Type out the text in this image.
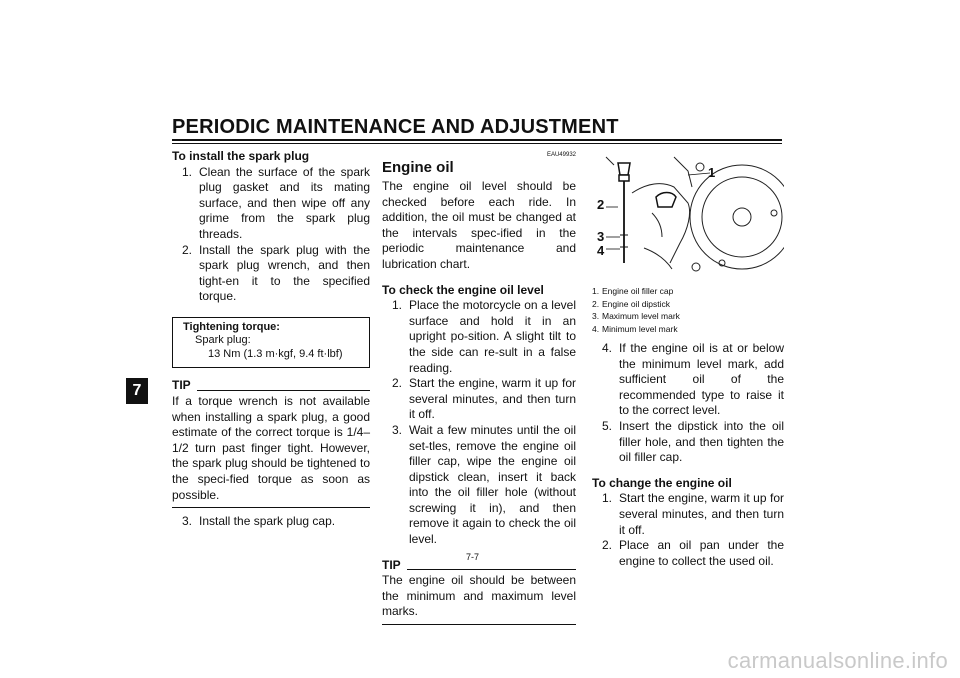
PERIODIC MAINTENANCE AND ADJUSTMENT
7

To install the spark plug

1. Clean the surface of the spark plug gasket and its mating surface, and then wipe off any grime from the spark plug threads.
2. Install the spark plug with the spark plug wrench, and then tight-en it to the specified torque.
Tightening torque:
Spark plug:
13 Nm (1.3 m·kgf, 9.4 ft·lbf)
TIP

If a torque wrench is not available when installing a spark plug, a good estimate of the correct torque is 1/4–1/2 turn past finger tight. However, the spark plug should be tightened to the speci-fied torque as soon as possible.

3. Install the spark plug cap.
EAU49932

Engine oil

The engine oil level should be checked before each ride. In addition, the oil must be changed at the intervals spec-ified in the periodic maintenance and lubrication chart.

To check the engine oil level

1. Place the motorcycle on a level surface and hold it in an upright po-sition. A slight tilt to the side can re-sult in a false reading.
2. Start the engine, warm it up for several minutes, and then turn it off.
3. Wait a few minutes until the oil set-tles, remove the engine oil filler cap, wipe the engine oil dipstick clean, insert it back into the oil filler hole (without screwing it in), and then remove it again to check the oil level.
TIP

The engine oil should be between the minimum and maximum level marks.

1
2
3
4
1. Engine oil filler cap
2. Engine oil dipstick
3. Maximum level mark
4. Minimum level mark
4. If the engine oil is at or below the minimum level mark, add sufficient oil of the recommended type to raise it to the correct level.
5. Insert the dipstick into the oil filler hole, and then tighten the oil filler cap.

To change the engine oil

1. Start the engine, warm it up for several minutes, and then turn it off.
2. Place an oil pan under the engine to collect the used oil.
7-7
carmanualsonline.info
